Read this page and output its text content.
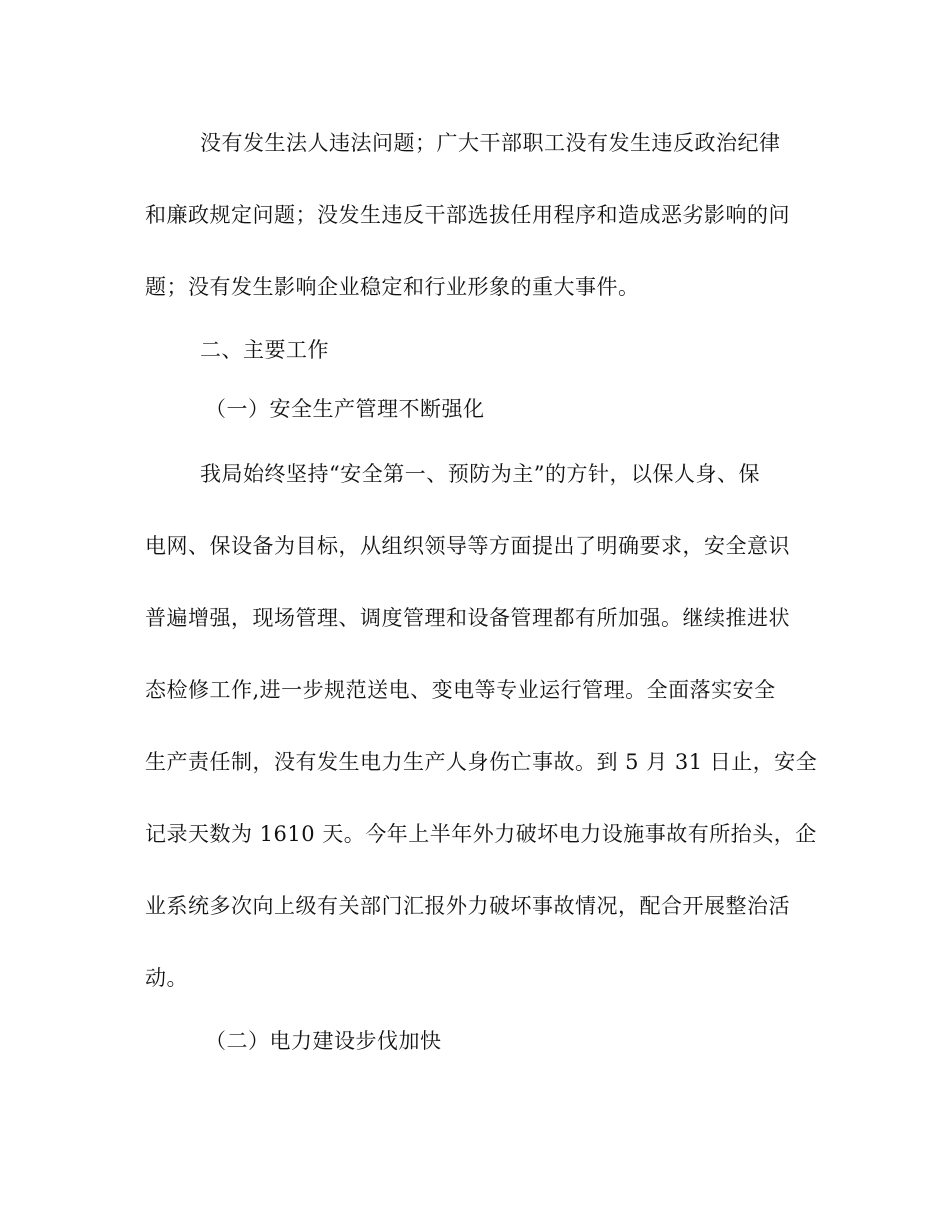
没有发生法人违法问题；广大干部职工没有发生违反政治纪律
和廉政规定问题；没发生违反干部选拔任用程序和造成恶劣影响的问
题；没有发生影响企业稳定和行业形象的重大事件。
二、主要工作
（一）安全生产管理不断强化
我局始终坚持“安全第一、预防为主”的方针，以保人身、保
电网、保设备为目标，从组织领导等方面提出了明确要求，安全意识
普遍增强，现场管理、调度管理和设备管理都有所加强。继续推进状
态检修工作,进一步规范送电、变电等专业运行管理。全面落实安全
生产责任制，没有发生电力生产人身伤亡事故。到 5 月 31 日止，安全
记录天数为 1610 天。今年上半年外力破坏电力设施事故有所抬头，企
业系统多次向上级有关部门汇报外力破坏事故情况，配合开展整治活
动。
（二）电力建设步伐加快
